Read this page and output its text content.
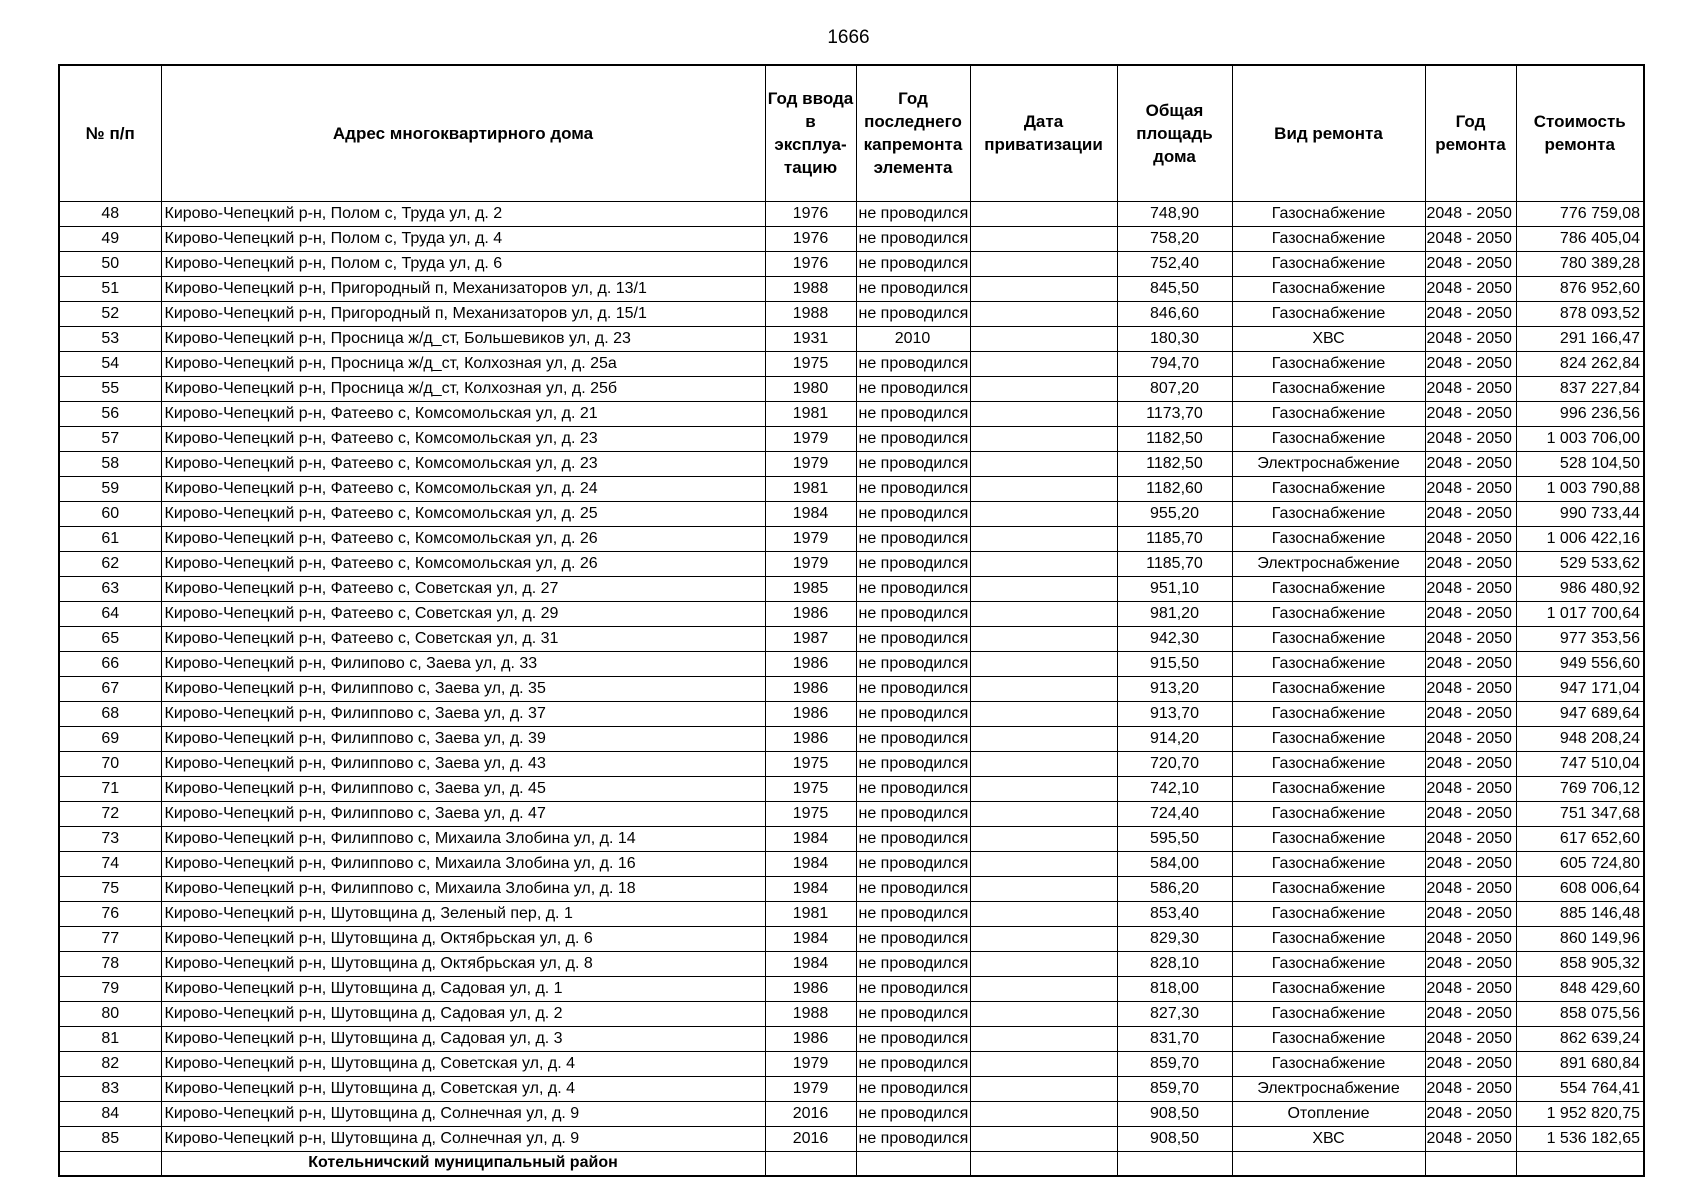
1666
№ п/п	Адрес многоквартирного дома	Год ввода в эксплуа-тацию	Год последнего капремонта элемента	Дата приватизации	Общая площадь дома	Вид ремонта	Год ремонта	Стоимость ремонта
48	Кирово-Чепецкий р-н, Полом с, Труда ул, д. 2	1976	не проводился		748,90	Газоснабжение	2048 - 2050	776 759,08
49	Кирово-Чепецкий р-н, Полом с, Труда ул, д. 4	1976	не проводился		758,20	Газоснабжение	2048 - 2050	786 405,04
50	Кирово-Чепецкий р-н, Полом с, Труда ул, д. 6	1976	не проводился		752,40	Газоснабжение	2048 - 2050	780 389,28
51	Кирово-Чепецкий р-н, Пригородный п, Механизаторов ул, д. 13/1	1988	не проводился		845,50	Газоснабжение	2048 - 2050	876 952,60
52	Кирово-Чепецкий р-н, Пригородный п, Механизаторов ул, д. 15/1	1988	не проводился		846,60	Газоснабжение	2048 - 2050	878 093,52
53	Кирово-Чепецкий р-н, Просница ж/д_ст, Большевиков ул, д. 23	1931	2010		180,30	ХВС	2048 - 2050	291 166,47
54	Кирово-Чепецкий р-н, Просница ж/д_ст, Колхозная ул, д. 25а	1975	не проводился		794,70	Газоснабжение	2048 - 2050	824 262,84
55	Кирово-Чепецкий р-н, Просница ж/д_ст, Колхозная ул, д. 25б	1980	не проводился		807,20	Газоснабжение	2048 - 2050	837 227,84
56	Кирово-Чепецкий р-н, Фатеево с, Комсомольская ул, д. 21	1981	не проводился		1173,70	Газоснабжение	2048 - 2050	996 236,56
57	Кирово-Чепецкий р-н, Фатеево с, Комсомольская ул, д. 23	1979	не проводился		1182,50	Газоснабжение	2048 - 2050	1 003 706,00
58	Кирово-Чепецкий р-н, Фатеево с, Комсомольская ул, д. 23	1979	не проводился		1182,50	Электроснабжение	2048 - 2050	528 104,50
59	Кирово-Чепецкий р-н, Фатеево с, Комсомольская ул, д. 24	1981	не проводился		1182,60	Газоснабжение	2048 - 2050	1 003 790,88
60	Кирово-Чепецкий р-н, Фатеево с, Комсомольская ул, д. 25	1984	не проводился		955,20	Газоснабжение	2048 - 2050	990 733,44
61	Кирово-Чепецкий р-н, Фатеево с, Комсомольская ул, д. 26	1979	не проводился		1185,70	Газоснабжение	2048 - 2050	1 006 422,16
62	Кирово-Чепецкий р-н, Фатеево с, Комсомольская ул, д. 26	1979	не проводился		1185,70	Электроснабжение	2048 - 2050	529 533,62
63	Кирово-Чепецкий р-н, Фатеево с, Советская ул, д. 27	1985	не проводился		951,10	Газоснабжение	2048 - 2050	986 480,92
64	Кирово-Чепецкий р-н, Фатеево с, Советская ул, д. 29	1986	не проводился		981,20	Газоснабжение	2048 - 2050	1 017 700,64
65	Кирово-Чепецкий р-н, Фатеево с, Советская ул, д. 31	1987	не проводился		942,30	Газоснабжение	2048 - 2050	977 353,56
66	Кирово-Чепецкий р-н, Филипово с, Заева ул, д. 33	1986	не проводился		915,50	Газоснабжение	2048 - 2050	949 556,60
67	Кирово-Чепецкий р-н, Филиппово с, Заева ул, д. 35	1986	не проводился		913,20	Газоснабжение	2048 - 2050	947 171,04
68	Кирово-Чепецкий р-н, Филиппово с, Заева ул, д. 37	1986	не проводился		913,70	Газоснабжение	2048 - 2050	947 689,64
69	Кирово-Чепецкий р-н, Филиппово с, Заева ул, д. 39	1986	не проводился		914,20	Газоснабжение	2048 - 2050	948 208,24
70	Кирово-Чепецкий р-н, Филиппово с, Заева ул, д. 43	1975	не проводился		720,70	Газоснабжение	2048 - 2050	747 510,04
71	Кирово-Чепецкий р-н, Филиппово с, Заева ул, д. 45	1975	не проводился		742,10	Газоснабжение	2048 - 2050	769 706,12
72	Кирово-Чепецкий р-н, Филиппово с, Заева ул, д. 47	1975	не проводился		724,40	Газоснабжение	2048 - 2050	751 347,68
73	Кирово-Чепецкий р-н, Филиппово с, Михаила Злобина ул, д. 14	1984	не проводился		595,50	Газоснабжение	2048 - 2050	617 652,60
74	Кирово-Чепецкий р-н, Филиппово с, Михаила Злобина ул, д. 16	1984	не проводился		584,00	Газоснабжение	2048 - 2050	605 724,80
75	Кирово-Чепецкий р-н, Филиппово с, Михаила Злобина ул, д. 18	1984	не проводился		586,20	Газоснабжение	2048 - 2050	608 006,64
76	Кирово-Чепецкий р-н, Шутовщина д, Зеленый пер, д. 1	1981	не проводился		853,40	Газоснабжение	2048 - 2050	885 146,48
77	Кирово-Чепецкий р-н, Шутовщина д, Октябрьская ул, д. 6	1984	не проводился		829,30	Газоснабжение	2048 - 2050	860 149,96
78	Кирово-Чепецкий р-н, Шутовщина д, Октябрьская ул, д. 8	1984	не проводился		828,10	Газоснабжение	2048 - 2050	858 905,32
79	Кирово-Чепецкий р-н, Шутовщина д, Садовая ул, д. 1	1986	не проводился		818,00	Газоснабжение	2048 - 2050	848 429,60
80	Кирово-Чепецкий р-н, Шутовщина д, Садовая ул, д. 2	1988	не проводился		827,30	Газоснабжение	2048 - 2050	858 075,56
81	Кирово-Чепецкий р-н, Шутовщина д, Садовая ул, д. 3	1986	не проводился		831,70	Газоснабжение	2048 - 2050	862 639,24
82	Кирово-Чепецкий р-н, Шутовщина д, Советская ул, д. 4	1979	не проводился		859,70	Газоснабжение	2048 - 2050	891 680,84
83	Кирово-Чепецкий р-н, Шутовщина д, Советская ул, д. 4	1979	не проводился		859,70	Электроснабжение	2048 - 2050	554 764,41
84	Кирово-Чепецкий р-н, Шутовщина д, Солнечная ул, д. 9	2016	не проводился		908,50	Отопление	2048 - 2050	1 952 820,75
85	Кирово-Чепецкий р-н, Шутовщина д, Солнечная ул, д. 9	2016	не проводился		908,50	ХВС	2048 - 2050	1 536 182,65
	Котельничский муниципальный район							
